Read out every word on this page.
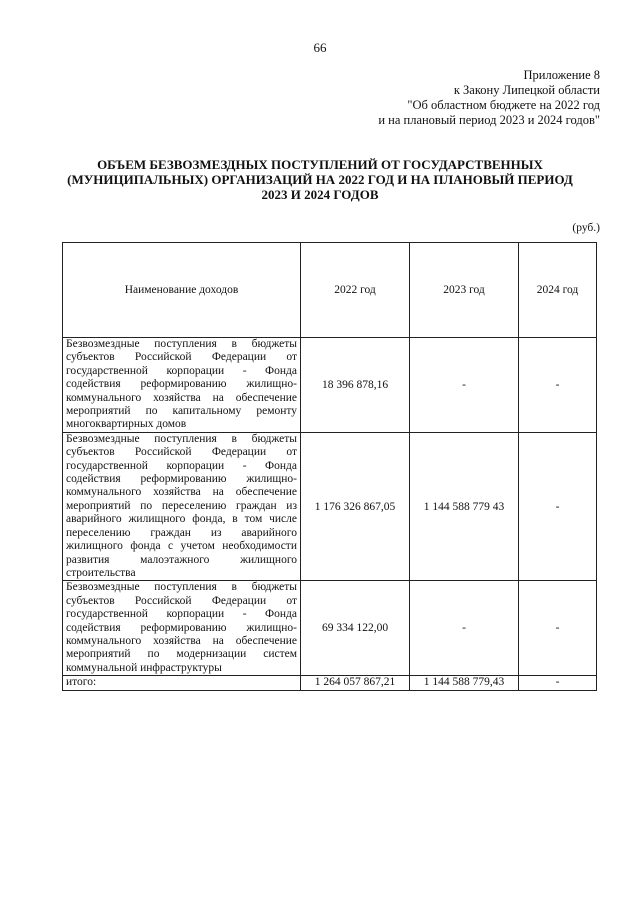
66
Приложение 8
к Закону Липецкой области
"Об областном бюджете на 2022 год
и на плановый период 2023 и 2024 годов"
ОБЪЕМ БЕЗВОЗМЕЗДНЫХ ПОСТУПЛЕНИЙ ОТ ГОСУДАРСТВЕННЫХ
(МУНИЦИПАЛЬНЫХ) ОРГАНИЗАЦИЙ НА 2022 ГОД И НА ПЛАНОВЫЙ ПЕРИОД
2023 И 2024 ГОДОВ
(руб.)
Наименование доходов	2022 год	2023 год	2024 год
Безвозмездные поступления в бюджеты субъектов Российской Федерации от государственной корпорации - Фонда содействия реформированию жилищно-коммунального хозяйства на обеспечение мероприятий по капитальному ремонту многоквартирных домов	18 396 878,16	-	-
Безвозмездные поступления в бюджеты субъектов Российской Федерации от государственной корпорации - Фонда содействия реформированию жилищно-коммунального хозяйства на обеспечение мероприятий по переселению граждан из аварийного жилищного фонда, в том числе переселению граждан из аварийного жилищного фонда с учетом необходимости развития малоэтажного жилищного строительства	1 176 326 867,05	1 144 588 779 43	-
Безвозмездные поступления в бюджеты субъектов Российской Федерации от государственной корпорации - Фонда содействия реформированию жилищно-коммунального хозяйства на обеспечение мероприятий по модернизации систем коммунальной инфраструктуры	69 334 122,00	-	-
итого:	1 264 057 867,21	1 144 588 779,43	-
